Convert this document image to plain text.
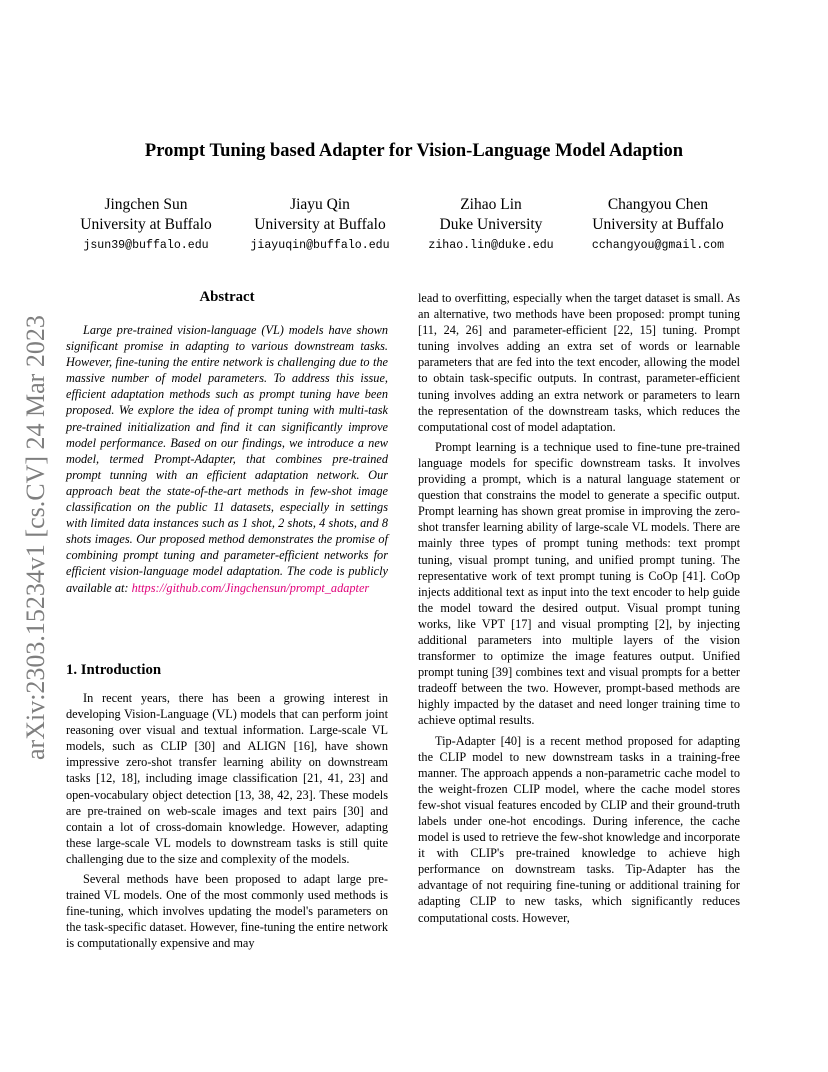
arXiv:2303.15234v1 [cs.CV] 24 Mar 2023
Prompt Tuning based Adapter for Vision-Language Model Adaption
Jingchen Sun
University at Buffalo
jsun39@buffalo.edu
Jiayu Qin
University at Buffalo
jiayuqin@buffalo.edu
Zihao Lin
Duke University
zihao.lin@duke.edu
Changyou Chen
University at Buffalo
cchangyou@gmail.com
Abstract
Large pre-trained vision-language (VL) models have shown significant promise in adapting to various downstream tasks. However, fine-tuning the entire network is challenging due to the massive number of model parameters. To address this issue, efficient adaptation methods such as prompt tuning have been proposed. We explore the idea of prompt tuning with multi-task pre-trained initialization and find it can significantly improve model performance. Based on our findings, we introduce a new model, termed Prompt-Adapter, that combines pre-trained prompt tunning with an efficient adaptation network. Our approach beat the state-of-the-art methods in few-shot image classification on the public 11 datasets, especially in settings with limited data instances such as 1 shot, 2 shots, 4 shots, and 8 shots images. Our proposed method demonstrates the promise of combining prompt tuning and parameter-efficient networks for efficient vision-language model adaptation. The code is publicly available at: https://github.com/Jingchensun/prompt_adapter
1. Introduction

In recent years, there has been a growing interest in developing Vision-Language (VL) models that can perform joint reasoning over visual and textual information. Large-scale VL models, such as CLIP [30] and ALIGN [16], have shown impressive zero-shot transfer learning ability on downstream tasks [12, 18], including image classification [21, 41, 23] and open-vocabulary object detection [13, 38, 42, 23]. These models are pre-trained on web-scale images and text pairs [30] and contain a lot of cross-domain knowledge. However, adapting these large-scale VL models to downstream tasks is still quite challenging due to the size and complexity of the models.

Several methods have been proposed to adapt large pre-trained VL models. One of the most commonly used methods is fine-tuning, which involves updating the model's parameters on the task-specific dataset. However, fine-tuning the entire network is computationally expensive and may

lead to overfitting, especially when the target dataset is small. As an alternative, two methods have been proposed: prompt tuning [11, 24, 26] and parameter-efficient [22, 15] tuning. Prompt tuning involves adding an extra set of words or learnable parameters that are fed into the text encoder, allowing the model to obtain task-specific outputs. In contrast, parameter-efficient tuning involves adding an extra network or parameters to learn the representation of the downstream tasks, which reduces the computational cost of model adaptation.

Prompt learning is a technique used to fine-tune pre-trained language models for specific downstream tasks. It involves providing a prompt, which is a natural language statement or question that constrains the model to generate a specific output. Prompt learning has shown great promise in improving the zero-shot transfer learning ability of large-scale VL models. There are mainly three types of prompt tuning methods: text prompt tuning, visual prompt tuning, and unified prompt tuning. The representative work of text prompt tuning is CoOp [41]. CoOp injects additional text as input into the text encoder to help guide the model toward the desired output. Visual prompt tuning works, like VPT [17] and visual prompting [2], by injecting additional parameters into multiple layers of the vision transformer to optimize the image features output. Unified prompt tuning [39] combines text and visual prompts for a better tradeoff between the two. However, prompt-based methods are highly impacted by the dataset and need longer training time to achieve optimal results.

Tip-Adapter [40] is a recent method proposed for adapting the CLIP model to new downstream tasks in a training-free manner. The approach appends a non-parametric cache model to the weight-frozen CLIP model, where the cache model stores few-shot visual features encoded by CLIP and their ground-truth labels under one-hot encodings. During inference, the cache model is used to retrieve the few-shot knowledge and incorporate it with CLIP's pre-trained knowledge to achieve high performance on downstream tasks. Tip-Adapter has the advantage of not requiring fine-tuning or additional training for adapting CLIP to new tasks, which significantly reduces computational costs. However,
